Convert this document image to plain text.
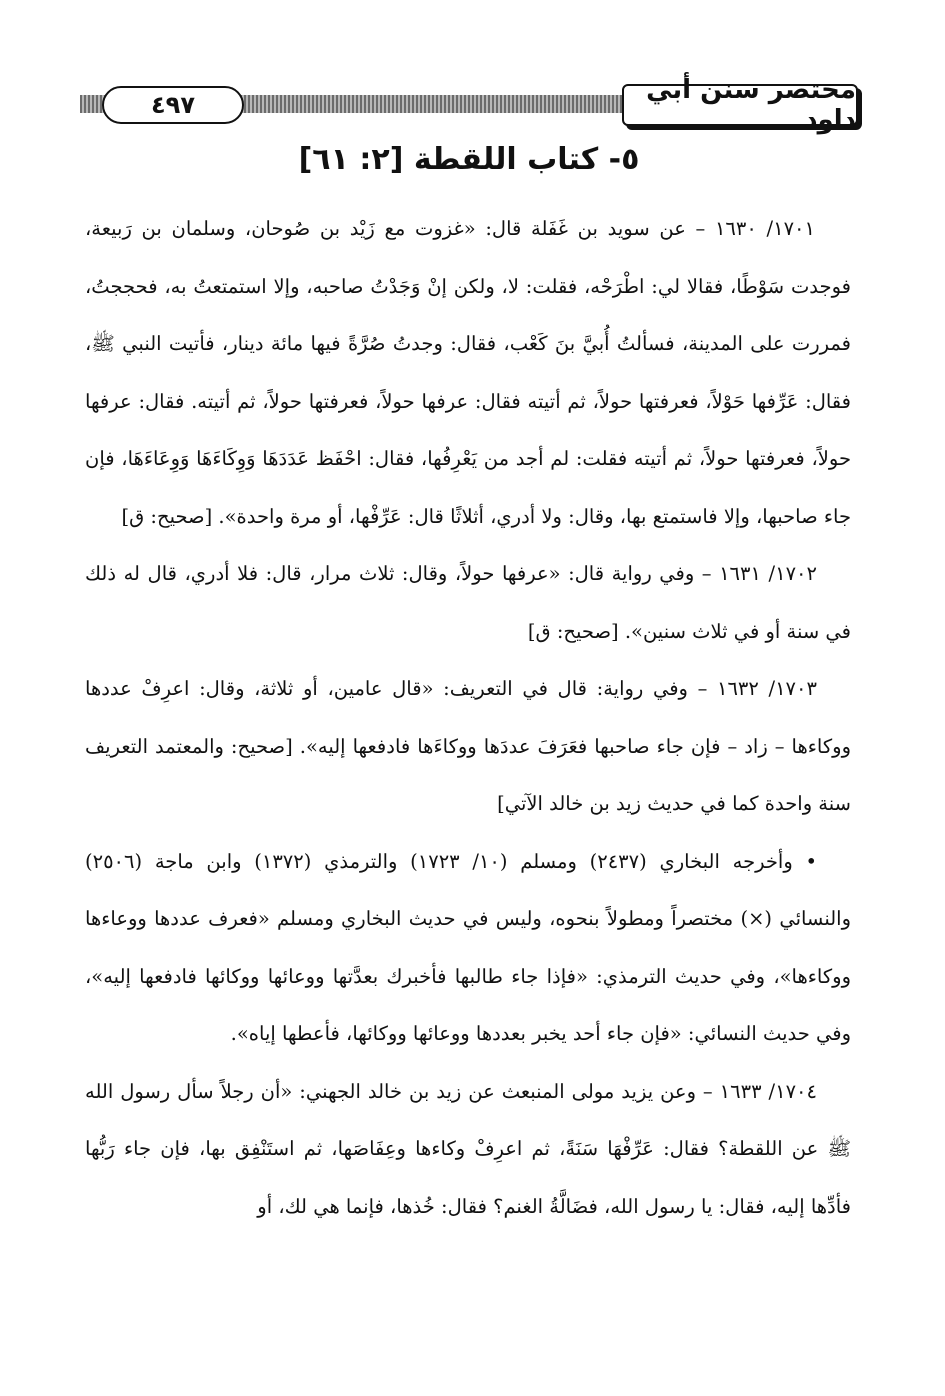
٤٩٧	مختصر سنن أبي داود
٥- كتاب اللقطة [٢: ٦١]

١٧٠١/ ١٦٣٠ – عن سويد بن غَفَلة قال: «غزوت مع زَيْد بن صُوحان، وسلمان بن رَبيعة، فوجدت سَوْطًا، فقالا لي: اطْرَحْه، فقلت: لا، ولكن إنْ وَجَدْتُ صاحبه، وإلا استمتعتُ به، فحججتُ، فمررت على المدينة، فسألتُ أُبيَّ بنَ كَعْب، فقال: وجدتُ صُرَّةً فيها مائة دينار، فأتيت النبي ﷺ، فقال: عَرِّفها حَوْلاً، فعرفتها حولاً، ثم أتيته فقال: عرفها حولاً، فعرفتها حولاً، ثم أتيته. فقال: عرفها حولاً، فعرفتها حولاً، ثم أتيته فقلت: لم أجد من يَعْرِفُها، فقال: احْفَظ عَدَدَهَا وَوِكَاءَهَا وَوِعَاءَهَا، فإن جاء صاحبها، وإلا فاستمتع بها، وقال: ولا أدري، أثلاثًا قال: عَرِّفْها، أو مرة واحدة». [صحيح: ق]

١٧٠٢/ ١٦٣١ – وفي رواية قال: «عرفها حولاً، وقال: ثلاث مرار، قال: فلا أدري، قال له ذلك في سنة أو في ثلاث سنين». [صحيح: ق]

١٧٠٣/ ١٦٣٢ – وفي رواية: قال في التعريف: «قال عامين، أو ثلاثة، وقال: اعرِفْ عددها ووكاءها – زاد – فإن جاء صاحبها فعَرَفَ عددَها ووكاءَها فادفعها إليه». [صحيح: والمعتمد التعريف سنة واحدة كما في حديث زيد بن خالد الآتي]

• وأخرجه البخاري (٢٤٣٧) ومسلم (١٠/ ١٧٢٣) والترمذي (١٣٧٢) وابن ماجة (٢٥٠٦) والنسائي (×) مختصراً ومطولاً بنحوه، وليس في حديث البخاري ومسلم «فعرف عددها ووعاءها ووكاءها»، وفي حديث الترمذي: «فإذا جاء طالبها فأخبرك بعدَّتها ووعائها ووكائها فادفعها إليه»، وفي حديث النسائي: «فإن جاء أحد يخبر بعددها ووعائها ووكائها، فأعطها إياه».

١٧٠٤/ ١٦٣٣ – وعن يزيد مولى المنبعث عن زيد بن خالد الجهني: «أن رجلاً سأل رسول الله ﷺ عن اللقطة؟ فقال: عَرِّفْهَا سَنَةً، ثم اعرِفْ وكاءها وعِفَاصَها، ثم استَنْفِق بها، فإن جاء رَبُّها فأدِّها إليه، فقال: يا رسول الله، فضَالَّةُ الغنم؟ فقال: خُذها، فإنما هي لك، أو
